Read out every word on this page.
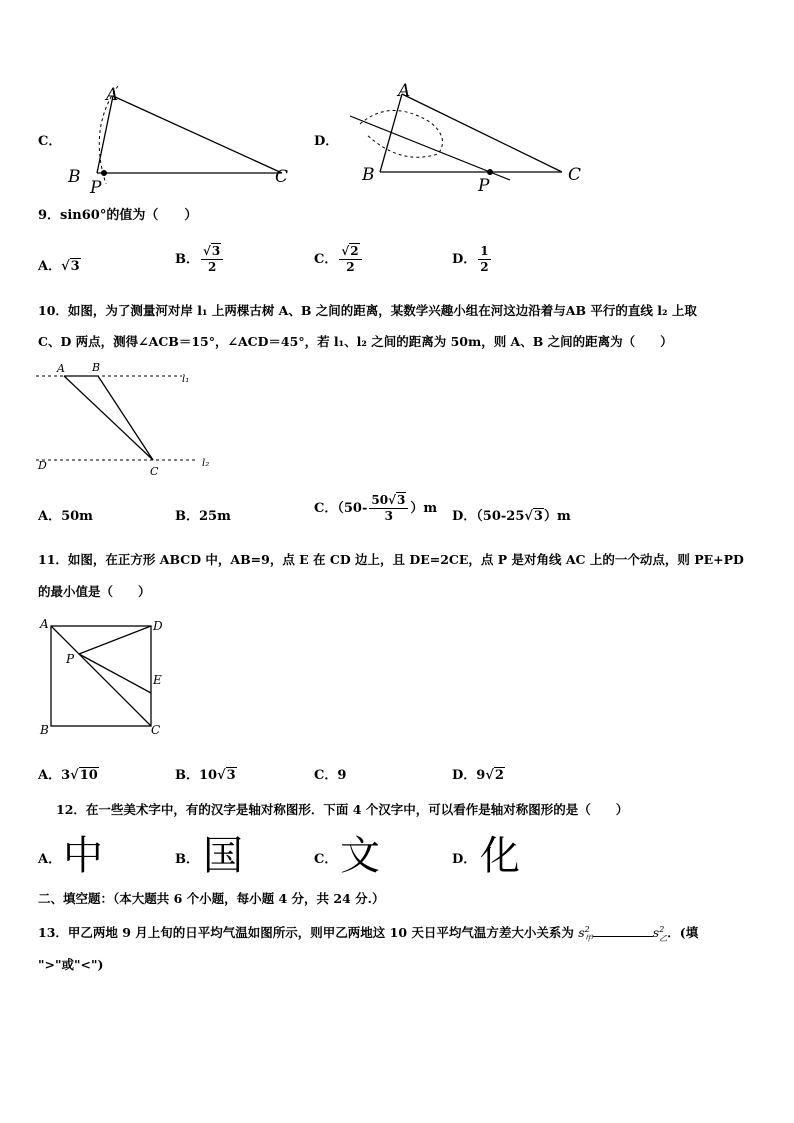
C．
A
B
P
C
D．
A
B
P
C
9．sin60°的值为（　　）
A．√3	B． $\frac{√3}{2}$	C． $\frac{√2}{2}$	D． $\frac{1}{2}$
10．如图，为了测量河对岸 l₁ 上两棵古树 A、B 之间的距离，某数学兴趣小组在河这边沿着与AB 平行的直线 l₂ 上取
C、D 两点，测得∠ACB＝15°，∠ACD＝45°，若 l₁、l₂ 之间的距离为 50m，则 A、B 之间的距离为（　　）
A B
l₁
D	C
l₂
A．50m	B．25m
C．$(50- \frac{50√3}{3} )m$
D．（50-25√3）m
11．如图，在正方形 ABCD 中，AB=9，点 E 在 CD 边上，且 DE=2CE，点 P 是对角线 AC 上的一个动点，则 PE+PD
的最小值是（　　）
A	D
P
E
B	C
A．3√10	B．10√3	C．9	D．9√2
12．在一些美术字中，有的汉字是轴对称图形．下面 4 个汉字中，可以看作是轴对称图形的是（　　）
A． 中	B． 国	C． 文	D． 化
二、填空题：（本大题共 6 个小题，每小题 4 分，共 24 分.）
13．甲乙两地 9 月上旬的日平均气温如图所示，则甲乙两地这 10 天日平均气温方差大小关系为 $s^2_甲$	$s^2_乙$．(填
">"或"<")
